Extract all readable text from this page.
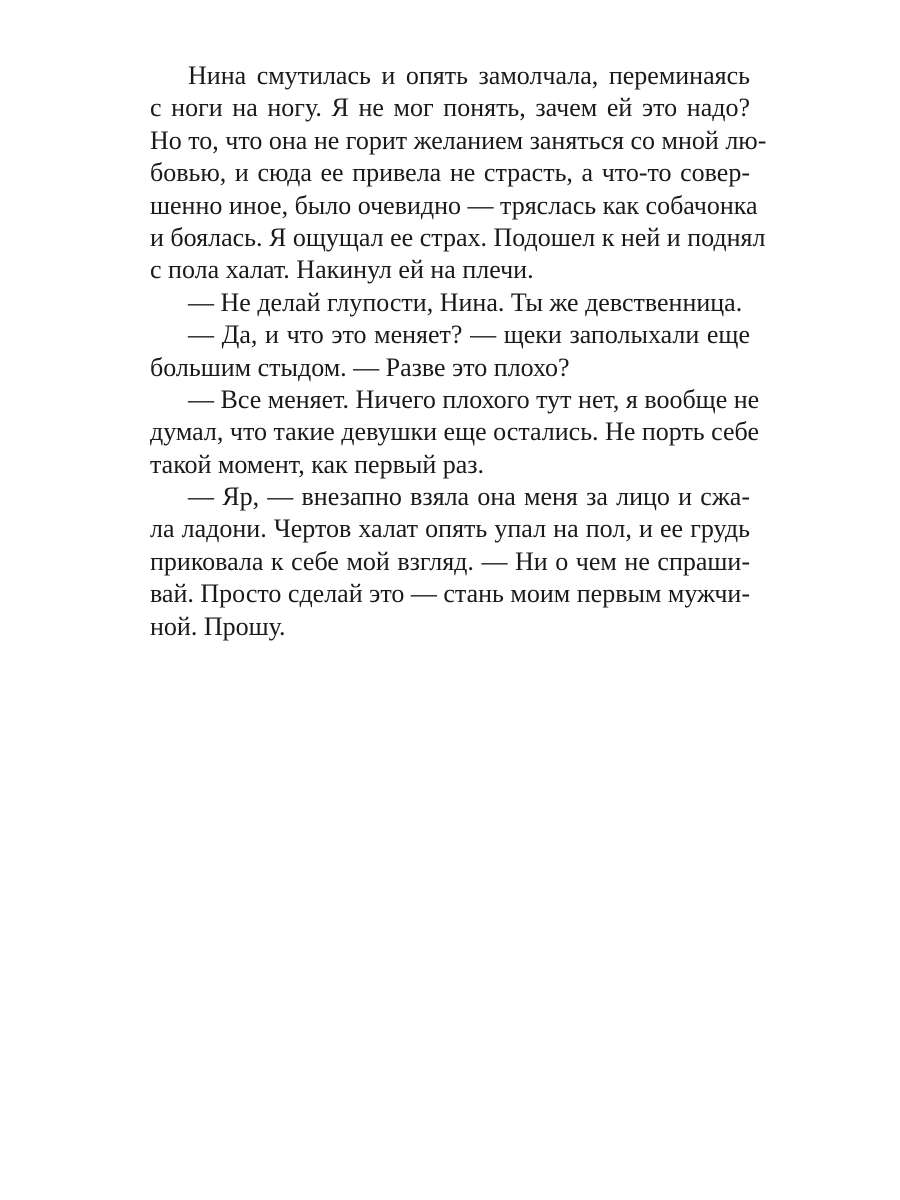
Нина смутилась и опять замолчала, переминаясь
с ноги на ногу. Я не мог понять, зачем ей это надо?
Но то, что она не горит желанием заняться со мной лю-
бовью, и сюда ее привела не страсть, а что-то совер-
шенно иное, было очевидно — тряслась как собачонка
и боялась. Я ощущал ее страх. Подошел к ней и поднял
с пола халат. Накинул ей на плечи.
— Не делай глупости, Нина. Ты же девственница.
— Да, и что это меняет? — щеки заполыхали еще
большим стыдом. — Разве это плохо?
— Все меняет. Ничего плохого тут нет, я вообще не
думал, что такие девушки еще остались. Не порть себе
такой момент, как первый раз.
— Яр, — внезапно взяла она меня за лицо и сжа-
ла ладони. Чертов халат опять упал на пол, и ее грудь
приковала к себе мой взгляд. — Ни о чем не спраши-
вай. Просто сделай это — стань моим первым мужчи-
ной. Прошу.
